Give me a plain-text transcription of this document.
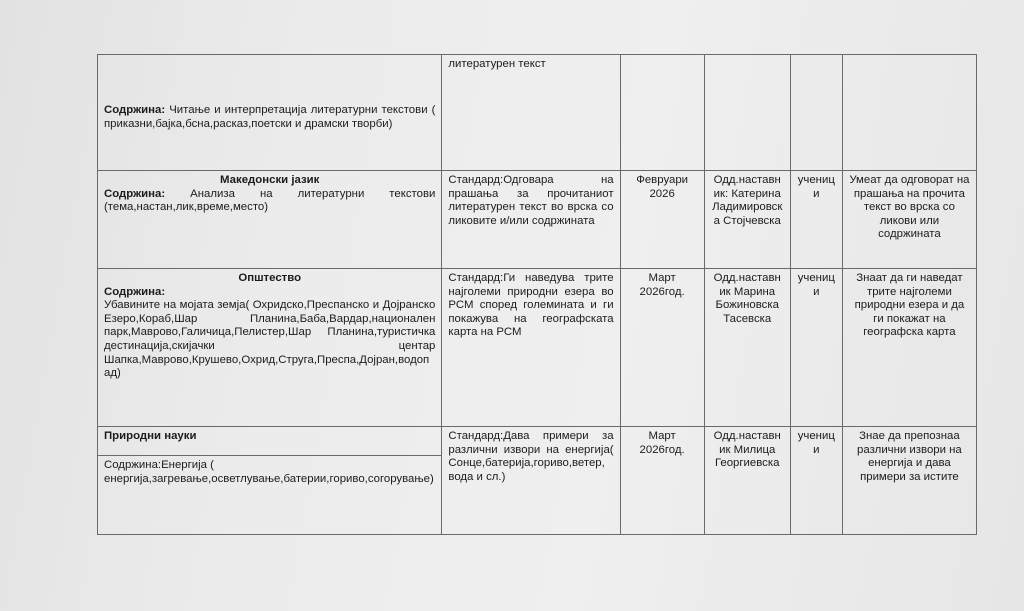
Содржина: Читање и интерпретација литературни текстови ( приказни,бајка,бсна,расказ,поетски и драмски творби)	литературен текст				

Македонски јазик
Содржина: Анализа на литературни текстови (тема,настан,лик,време,место)	Стандард:Одговара на прашања за прочитаниот литературен текст во врска со ликовите и/или содржината	Февруари 2026	Одд.наставн ик: Катерина Ладимировск а Стојчевска	учениц и	Умеат да одговорат на прашања на прочита текст во врска со ликови или содржината

Општество
Содржина:
Убавините на мојата земја( Охридско,Преспанско и Дојранско Езеро,Кораб,Шар Планина,Баба,Вардар,национален парк,Маврово,Галичица,Пелистер,Шар Планина,туристичка дестинација,скијачки центар Шапка,Мавровo,Крушево,Охрид,Струга,Преспа,Дојран,водопад)	Стандард:Ги наведува трите најголеми природни езера во РСМ според големината и ги покажува на географската карта на РСМ	Март 2026год.	Одд.наставн ик Марина Божиновска Тасевска	учениц и	Знаат да ги наведат трите најголеми природни езера и да ги покажат на географска карта

Природни науки
Содржина:Енергија ( енергија,загревање,осветлување,батерии,гориво,согорување)	Стандард:Дава примери за различни извори на енергија( Сонце,батерија,гориво,ветер, вода и сл.)	Март 2026год.	Одд.наставн ик Милица Георгиевска	учениц и	Знае да препознаа различни извори на енергија и дава примери за истите
